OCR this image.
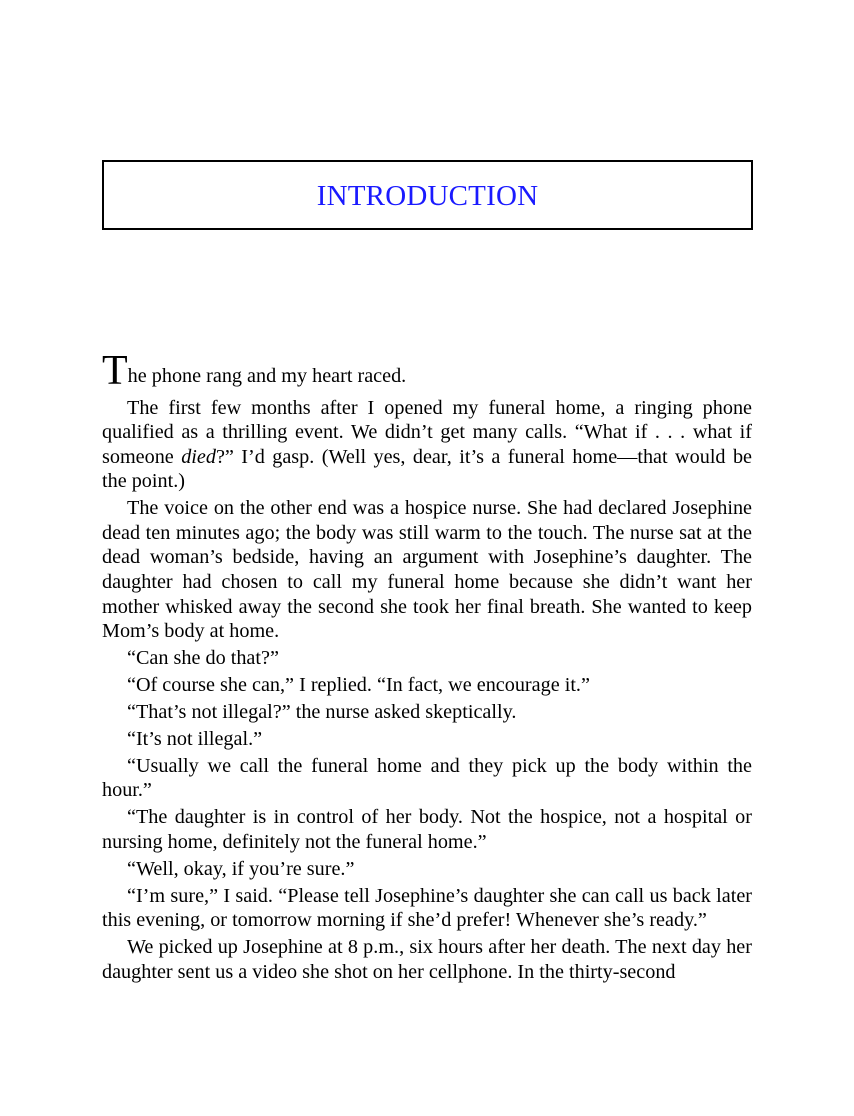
INTRODUCTION

The phone rang and my heart raced.

The first few months after I opened my funeral home, a ringing phone qualified as a thrilling event. We didn’t get many calls. “What if . . . what if someone died?” I’d gasp. (Well yes, dear, it’s a funeral home—that would be the point.)

The voice on the other end was a hospice nurse. She had declared Josephine dead ten minutes ago; the body was still warm to the touch. The nurse sat at the dead woman’s bedside, having an argument with Josephine’s daughter. The daughter had chosen to call my funeral home because she didn’t want her mother whisked away the second she took her final breath. She wanted to keep Mom’s body at home.

“Can she do that?”

“Of course she can,” I replied. “In fact, we encourage it.”

“That’s not illegal?” the nurse asked skeptically.

“It’s not illegal.”

“Usually we call the funeral home and they pick up the body within the hour.”

“The daughter is in control of her body. Not the hospice, not a hospital or nursing home, definitely not the funeral home.”

“Well, okay, if you’re sure.”

“I’m sure,” I said. “Please tell Josephine’s daughter she can call us back later this evening, or tomorrow morning if she’d prefer! Whenever she’s ready.”

We picked up Josephine at 8 p.m., six hours after her death. The next day her daughter sent us a video she shot on her cellphone. In the thirty-second
